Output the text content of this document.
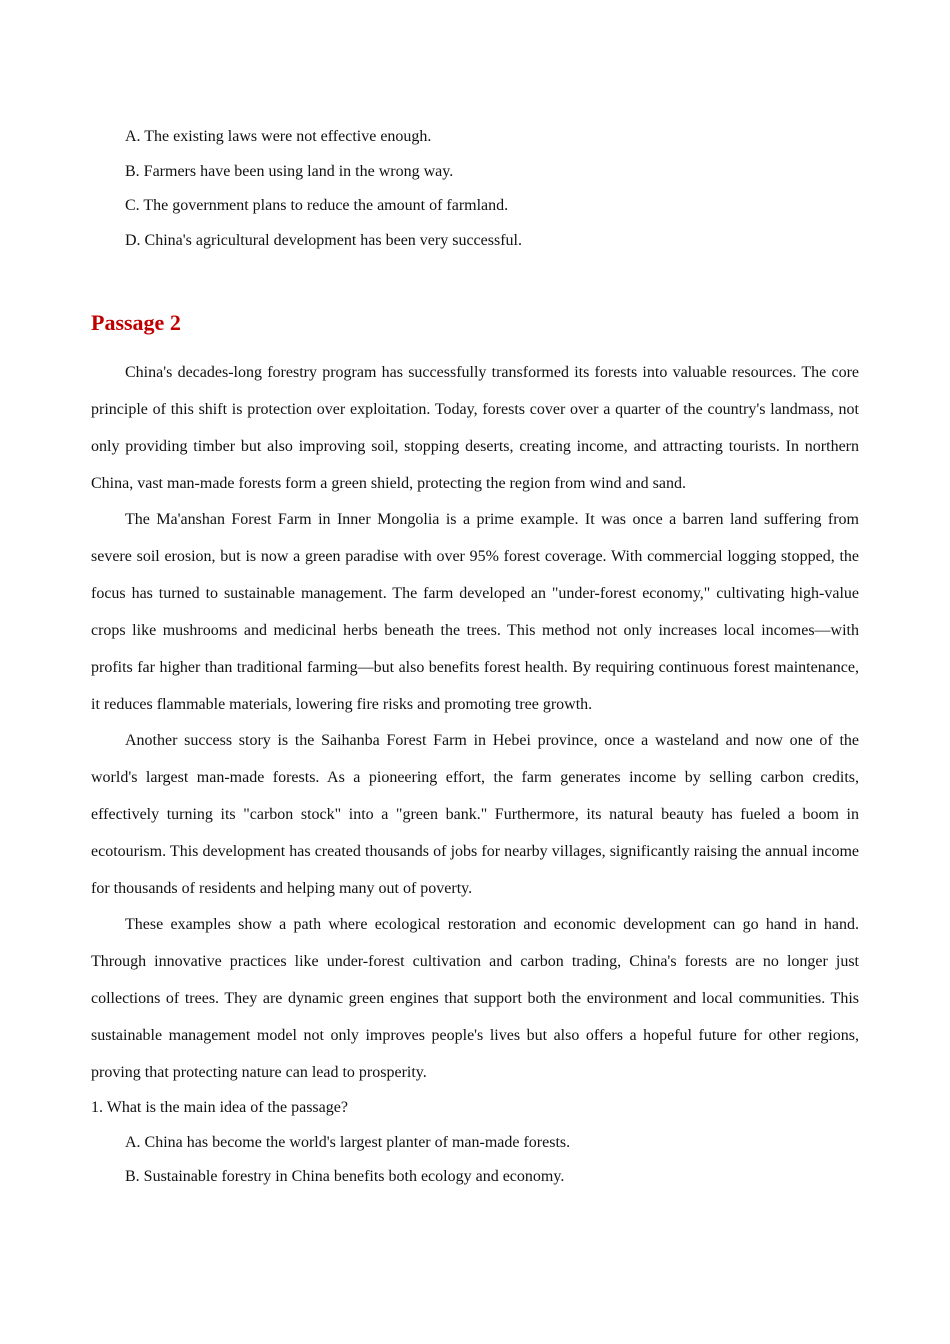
A. The existing laws were not effective enough.
B. Farmers have been using land in the wrong way.
C. The government plans to reduce the amount of farmland.
D. China's agricultural development has been very successful.
Passage 2

China's decades-long forestry program has successfully transformed its forests into valuable resources. The core principle of this shift is protection over exploitation. Today, forests cover over a quarter of the country's landmass, not only providing timber but also improving soil, stopping deserts, creating income, and attracting tourists. In northern China, vast man-made forests form a green shield, protecting the region from wind and sand.

The Ma'anshan Forest Farm in Inner Mongolia is a prime example. It was once a barren land suffering from severe soil erosion, but is now a green paradise with over 95% forest coverage. With commercial logging stopped, the focus has turned to sustainable management. The farm developed an "under-forest economy," cultivating high-value crops like mushrooms and medicinal herbs beneath the trees. This method not only increases local incomes—with profits far higher than traditional farming—but also benefits forest health. By requiring continuous forest maintenance, it reduces flammable materials, lowering fire risks and promoting tree growth.

Another success story is the Saihanba Forest Farm in Hebei province, once a wasteland and now one of the world's largest man-made forests. As a pioneering effort, the farm generates income by selling carbon credits, effectively turning its "carbon stock" into a "green bank." Furthermore, its natural beauty has fueled a boom in ecotourism. This development has created thousands of jobs for nearby villages, significantly raising the annual income for thousands of residents and helping many out of poverty.

These examples show a path where ecological restoration and economic development can go hand in hand. Through innovative practices like under-forest cultivation and carbon trading, China's forests are no longer just collections of trees. They are dynamic green engines that support both the environment and local communities. This sustainable management model not only improves people's lives but also offers a hopeful future for other regions, proving that protecting nature can lead to prosperity.

1. What is the main idea of the passage?
A. China has become the world's largest planter of man-made forests.
B. Sustainable forestry in China benefits both ecology and economy.
